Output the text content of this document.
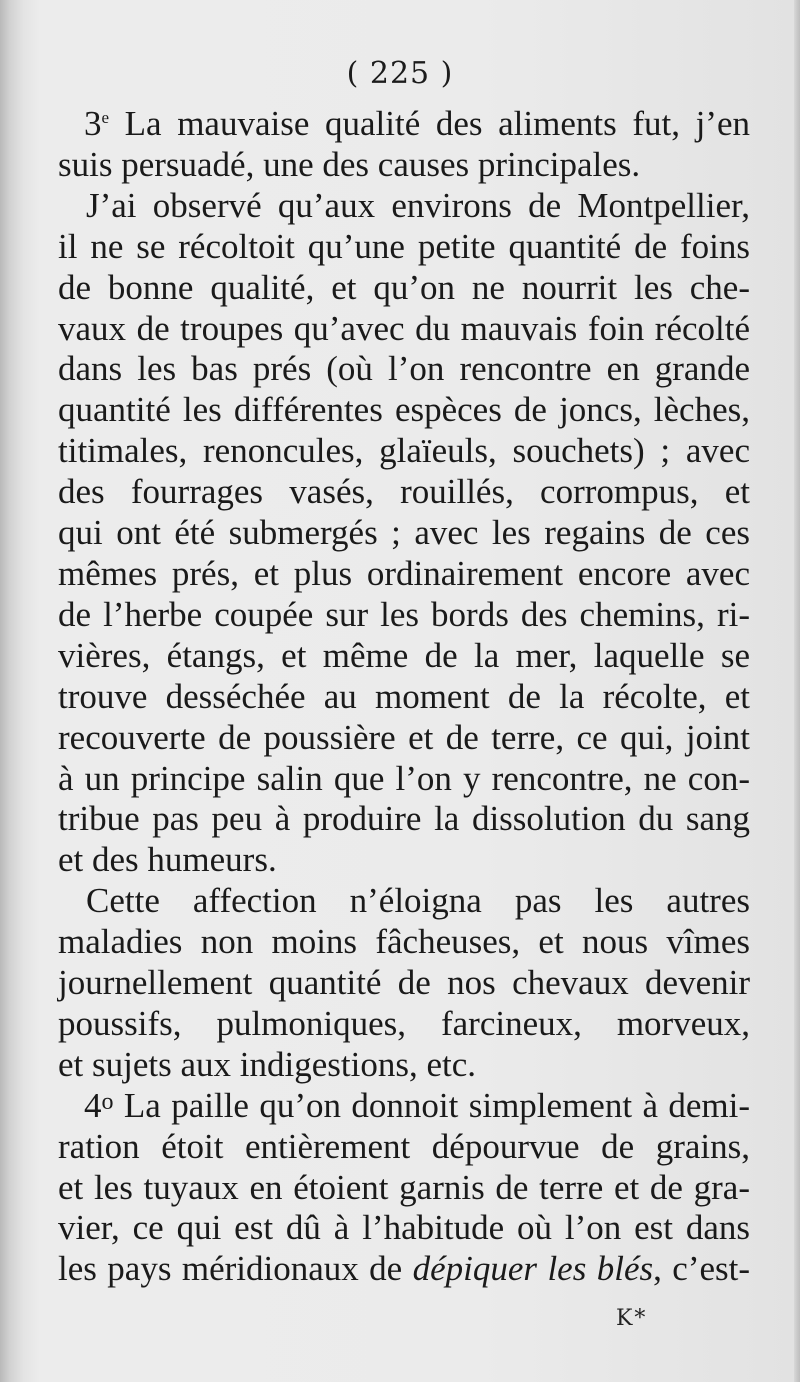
( 225 )
3e La mauvaise qualité des aliments fut, j’en
suis persuadé, une des causes principales.
J’ai observé qu’aux environs de Montpellier,
il ne se récoltoit qu’une petite quantité de foins
de bonne qualité, et qu’on ne nourrit les che-
vaux de troupes qu’avec du mauvais foin récolté
dans les bas prés (où l’on rencontre en grande
quantité les différentes espèces de joncs, lèches,
titimales, renoncules, glaïeuls, souchets) ; avec
des fourrages vasés, rouillés, corrompus, et
qui ont été submergés ; avec les regains de ces
mêmes prés, et plus ordinairement encore avec
de l’herbe coupée sur les bords des chemins, ri-
vières, étangs, et même de la mer, laquelle se
trouve desséchée au moment de la récolte, et
recouverte de poussière et de terre, ce qui, joint
à un principe salin que l’on y rencontre, ne con-
tribue pas peu à produire la dissolution du sang
et des humeurs.
Cette affection n’éloigna pas les autres
maladies non moins fâcheuses, et nous vîmes
journellement quantité de nos chevaux devenir
poussifs, pulmoniques, farcineux, morveux,
et sujets aux indigestions, etc.
4$^o$ La paille qu’on donnoit simplement à demi-
ration étoit entièrement dépourvue de grains,
et les tuyaux en étoient garnis de terre et de gra-
vier, ce qui est dû à l’habitude où l’on est dans
les pays méridionaux de dépiquer les blés, c’est-
K*
